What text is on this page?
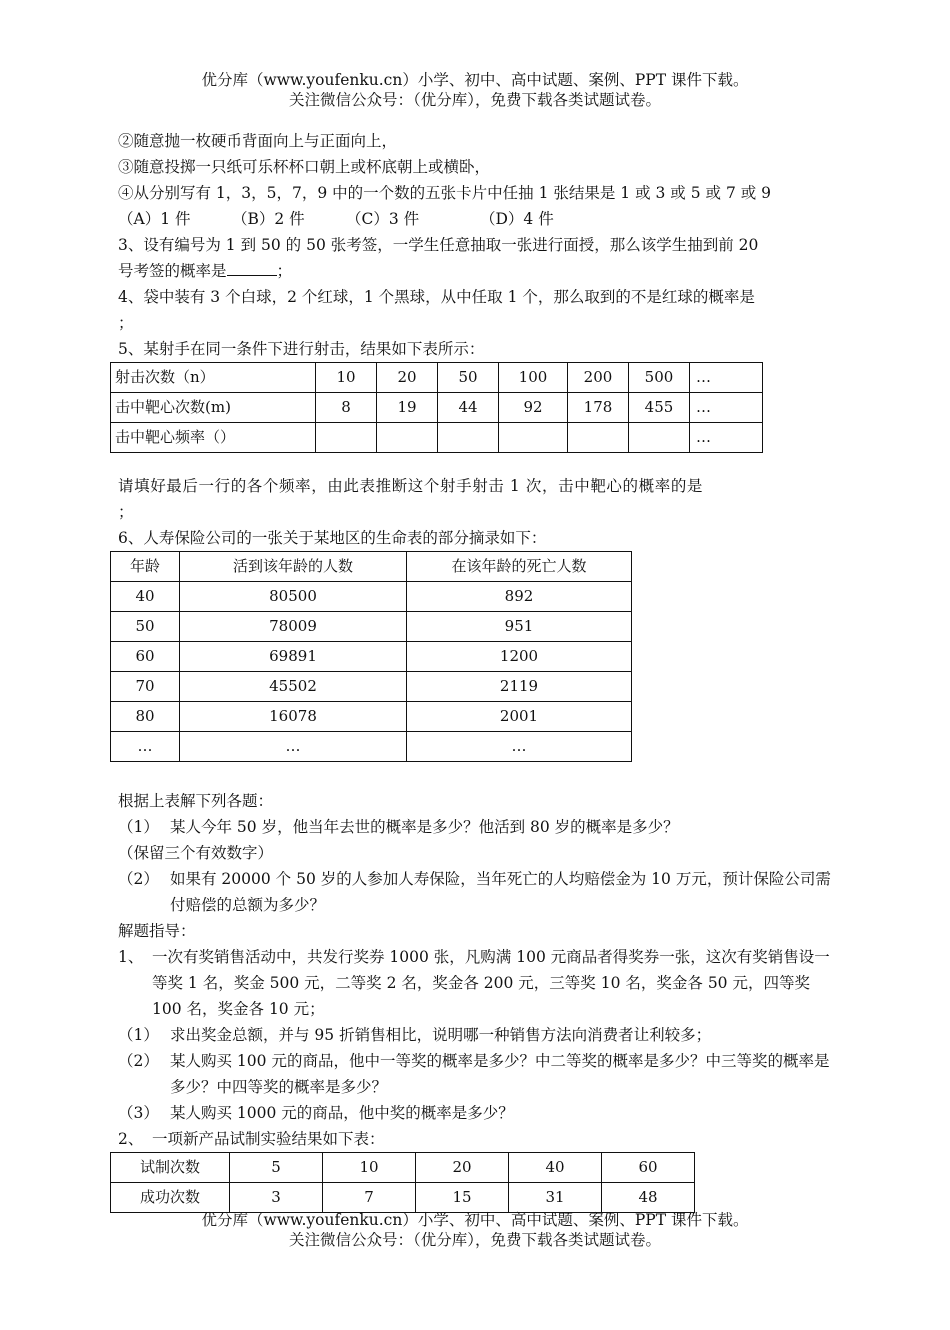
优分库（www.youfenku.cn）小学、初中、高中试题、案例、PPT 课件下载。
关注微信公众号：（优分库），免费下载各类试题试卷。
②随意抛一枚硬币背面向上与正面向上，
③随意投掷一只纸可乐杯杯口朝上或杯底朝上或横卧，
④从分别写有 1，3，5，7，9 中的一个数的五张卡片中任抽 1 张结果是 1 或 3 或 5 或 7 或 9
（A）1 件	（B）2 件	（C）3 件	（D）4 件
3、设有编号为 1 到 50 的 50 张考签，一学生任意抽取一张进行面授，那么该学生抽到前 20
号考签的概率是	；
4、袋中装有 3 个白球，2 个红球，1 个黑球，从中任取 1 个，那么取到的不是红球的概率是
；
5、某射手在同一条件下进行射击，结果如下表所示：
射击次数（n）	10	20	50	100	200	500	…
击中靶心次数(m)	8	19	44	92	178	455	…
击中靶心频率（）							…
请填好最后一行的各个频率，由此表推断这个射手射击 1 次，击中靶心的概率的是
；
6、人寿保险公司的一张关于某地区的生命表的部分摘录如下：
年龄	活到该年龄的人数	在该年龄的死亡人数
40	80500	892
50	78009	951
60	69891	1200
70	45502	2119
80	16078	2001
…	…	…
根据上表解下列各题：
（1） 某人今年 50 岁，他当年去世的概率是多少？他活到 80 岁的概率是多少？
（保留三个有效数字）
（2） 如果有 20000 个 50 岁的人参加人寿保险，当年死亡的人均赔偿金为 10 万元，预计保险公司需付赔偿的总额为多少？
解题指导：
1、 一次有奖销售活动中，共发行奖券 1000 张，凡购满 100 元商品者得奖券一张，这次有奖销售设一等奖 1 名，奖金 500 元，二等奖 2 名，奖金各 200 元，三等奖 10 名，奖金各 50 元，四等奖 100 名，奖金各 10 元；
（1） 求出奖金总额，并与 95 折销售相比，说明哪一种销售方法向消费者让利较多；
（2） 某人购买 100 元的商品，他中一等奖的概率是多少？中二等奖的概率是多少？中三等奖的概率是多少？中四等奖的概率是多少？
（3） 某人购买 1000 元的商品，他中奖的概率是多少？
2、 一项新产品试制实验结果如下表：
试制次数	5	10	20	40	60
成功次数	3	7	15	31	48
优分库（www.youfenku.cn）小学、初中、高中试题、案例、PPT 课件下载。
关注微信公众号：（优分库），免费下载各类试题试卷。
